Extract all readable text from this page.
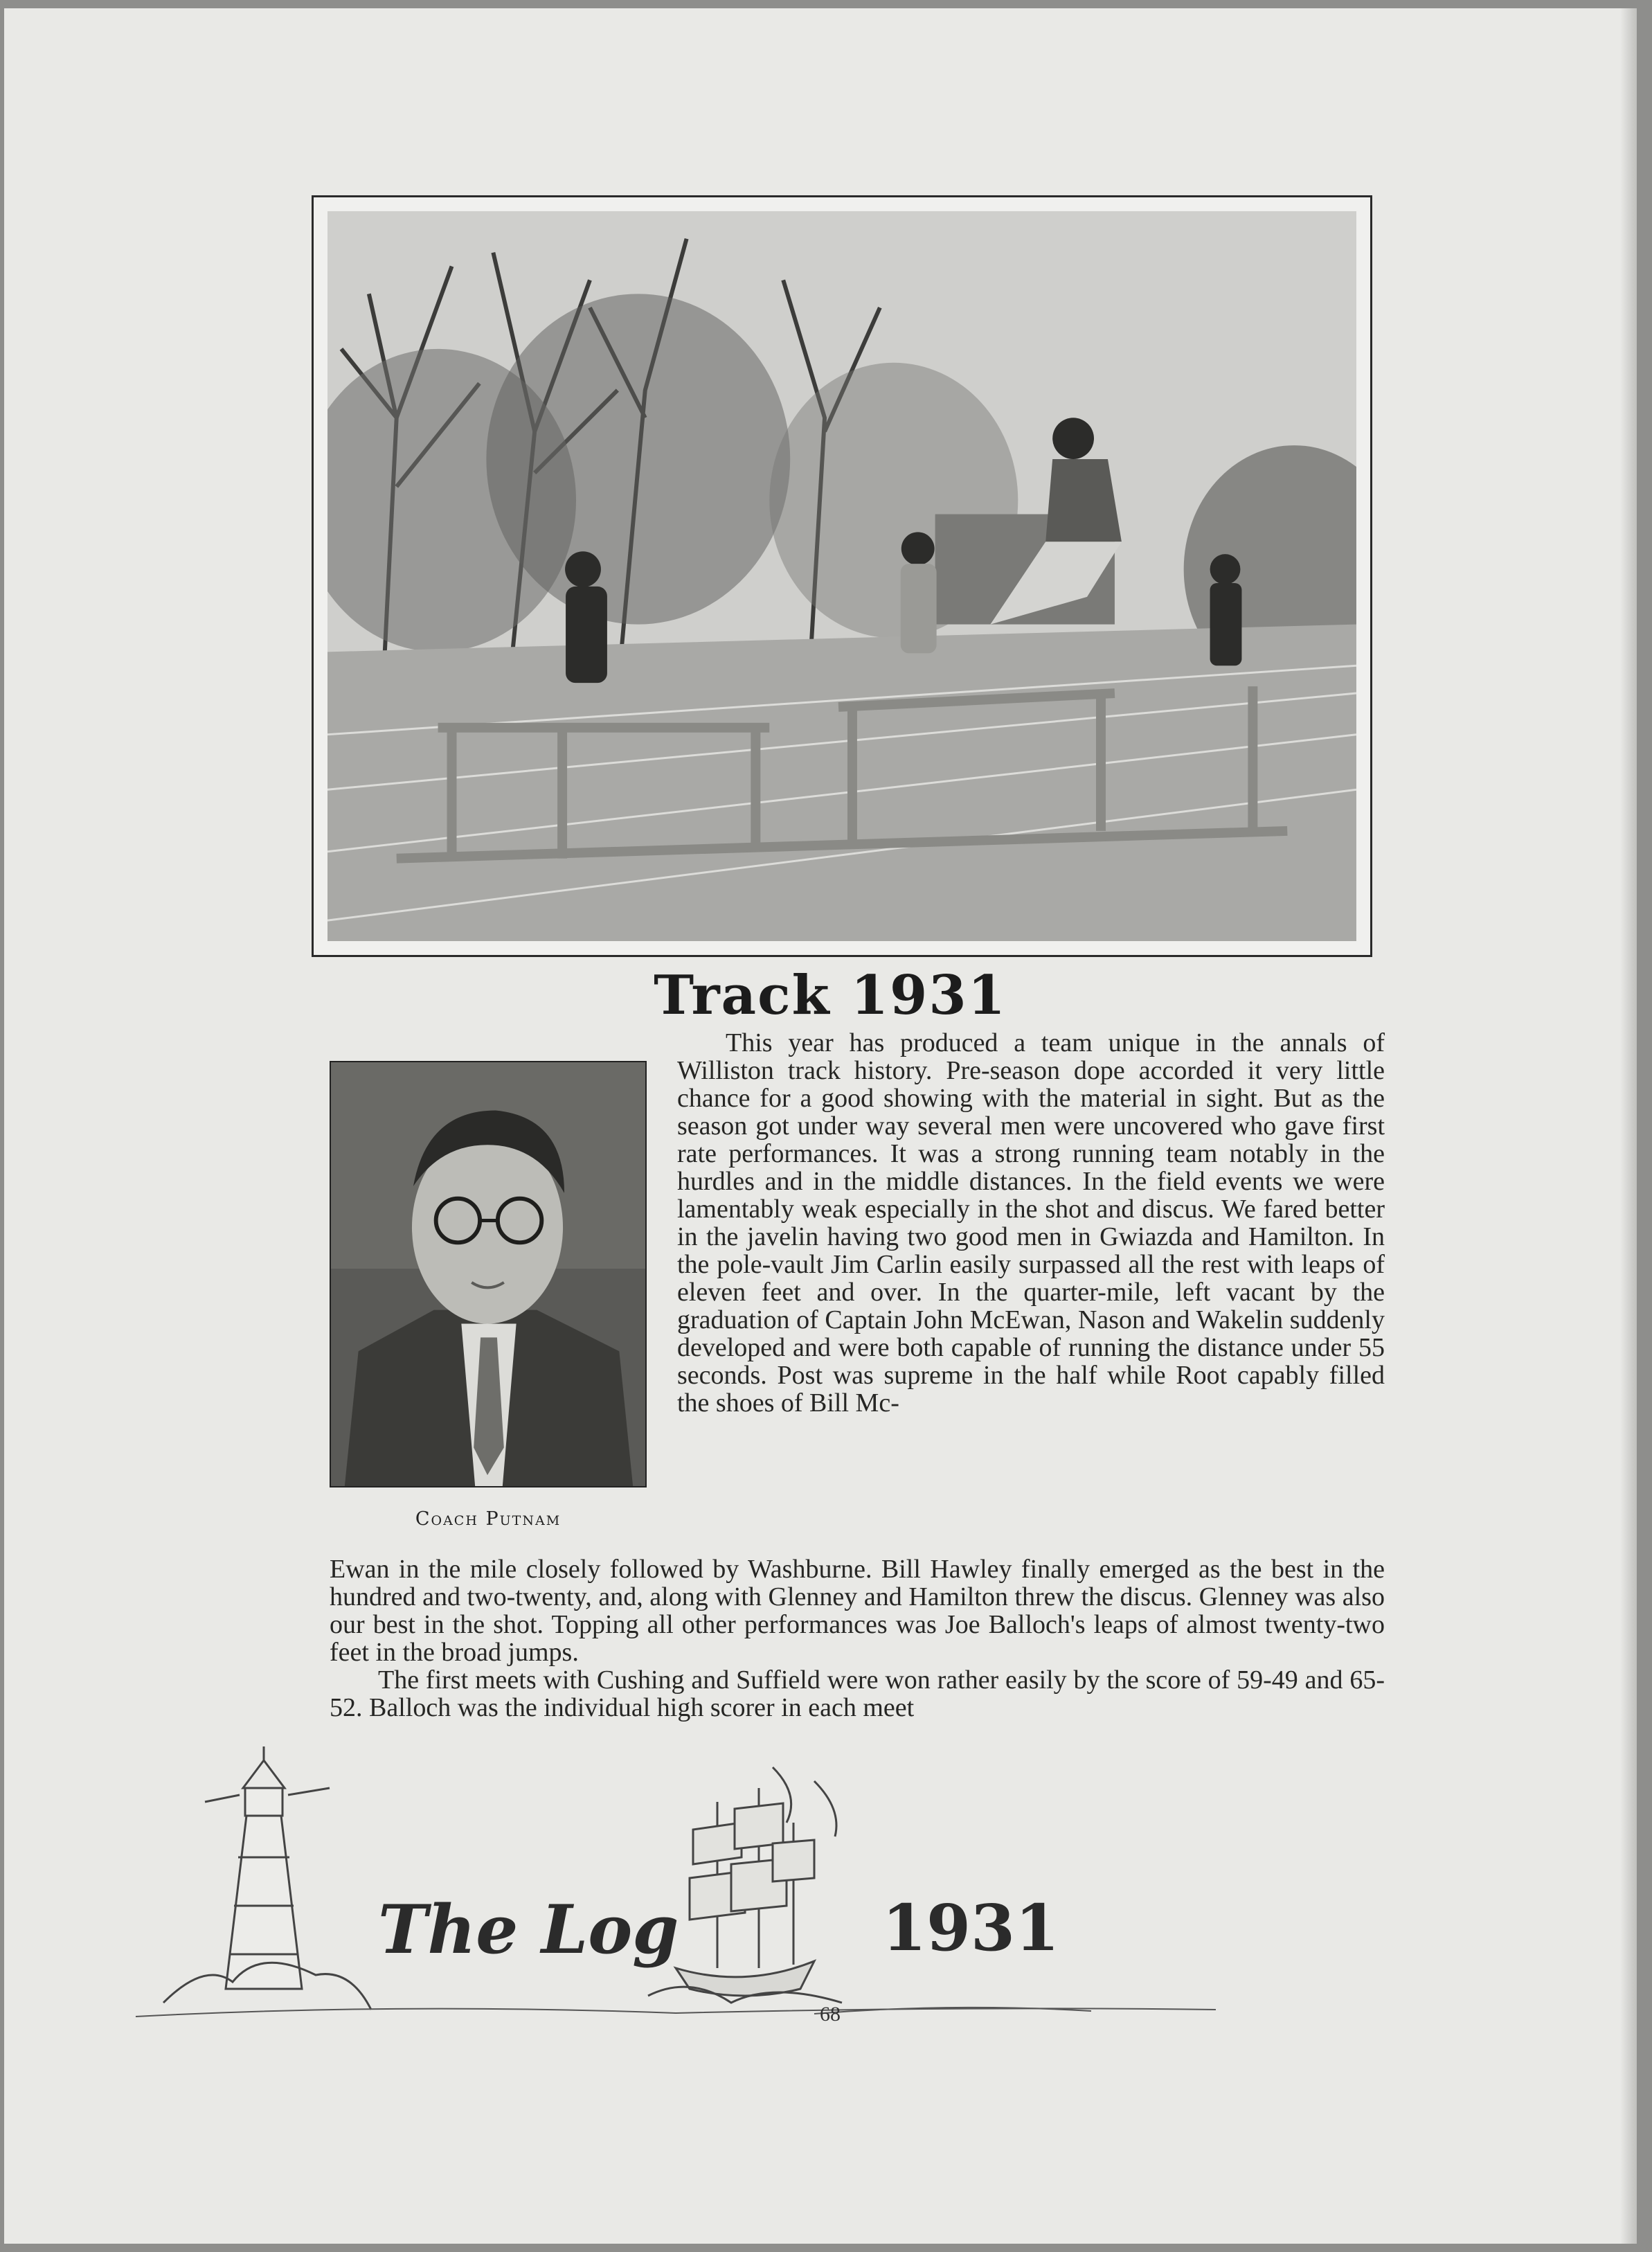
Track 1931
Coach Putnam

This year has produced a team unique in the annals of Williston track history. Pre-season dope accorded it very little chance for a good showing with the material in sight. But as the season got under way several men were uncovered who gave first rate performances. It was a strong running team notably in the hurdles and in the middle distances. In the field events we were lamentably weak especially in the shot and discus. We fared better in the javelin having two good men in Gwiazda and Hamilton. In the pole-vault Jim Carlin easily surpassed all the rest with leaps of eleven feet and over. In the quarter-mile, left vacant by the graduation of Captain John McEwan, Nason and Wakelin suddenly developed and were both capable of running the distance under 55 seconds. Post was supreme in the half while Root capably filled the shoes of Bill Mc-

Ewan in the mile closely followed by Washburne. Bill Hawley finally emerged as the best in the hundred and two-twenty, and, along with Glenney and Hamilton threw the discus. Glenney was also our best in the shot. Topping all other performances was Joe Balloch's leaps of almost twenty-two feet in the broad jumps.

The first meets with Cushing and Suffield were won rather easily by the score of 59-49 and 65-52. Balloch was the individual high scorer in each meet

The Log	1931
68
